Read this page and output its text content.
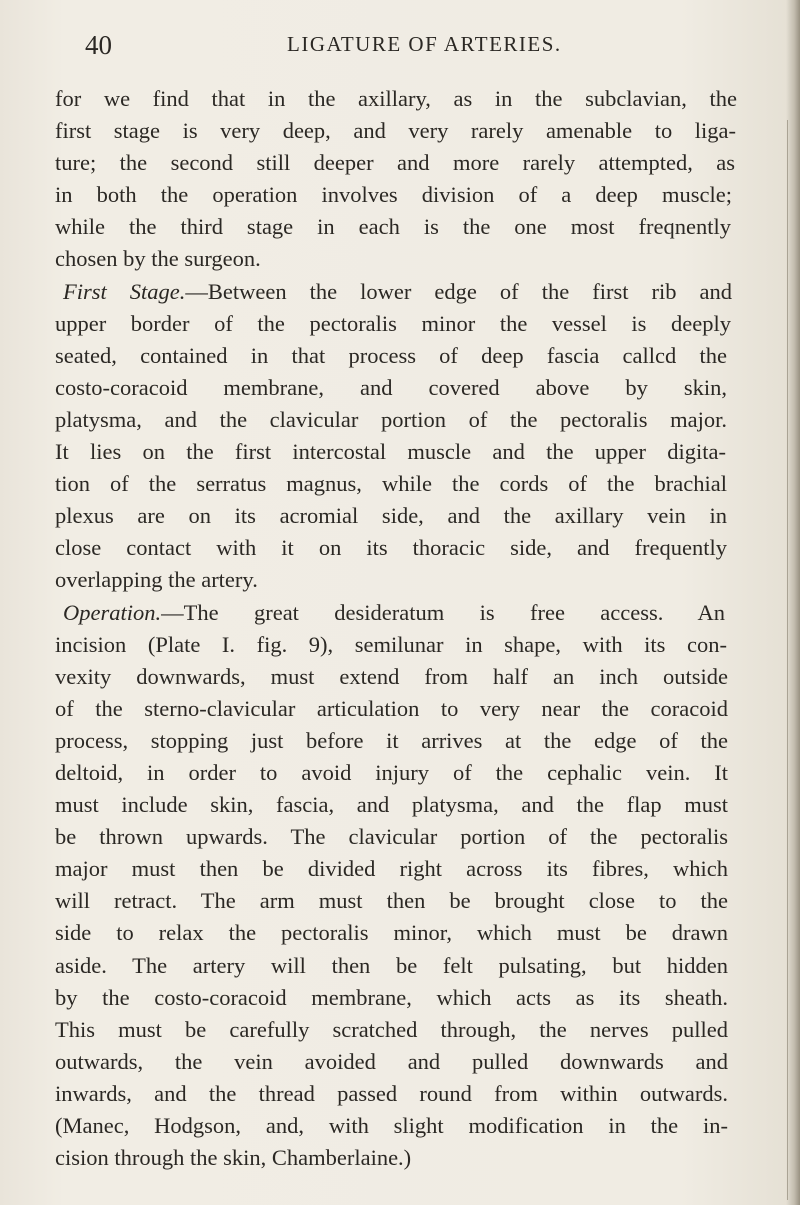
40	LIGATURE OF ARTERIES.
for we find that in the axillary, as in the subclavian, the
first stage is very deep, and very rarely amenable to liga-
ture; the second still deeper and more rarely attempted, as
in both the operation involves division of a deep muscle;
while the third stage in each is the one most freqnently
chosen by the surgeon.
First Stage.—Between the lower edge of the first rib and
upper border of the pectoralis minor the vessel is deeply
seated, contained in that process of deep fascia callcd the
costo-coracoid membrane, and covered above by skin,
platysma, and the clavicular portion of the pectoralis major.
It lies on the first intercostal muscle and the upper digita-
tion of the serratus magnus, while the cords of the brachial
plexus are on its acromial side, and the axillary vein in
close contact with it on its thoracic side, and frequently
overlapping the artery.
Operation.—The great desideratum is free access. An
incision (Plate I. fig. 9), semilunar in shape, with its con-
vexity downwards, must extend from half an inch outside
of the sterno-clavicular articulation to very near the coracoid
process, stopping just before it arrives at the edge of the
deltoid, in order to avoid injury of the cephalic vein. It
must include skin, fascia, and platysma, and the flap must
be thrown upwards. The clavicular portion of the pectoralis
major must then be divided right across its fibres, which
will retract. The arm must then be brought close to the
side to relax the pectoralis minor, which must be drawn
aside. The artery will then be felt pulsating, but hidden
by the costo-coracoid membrane, which acts as its sheath.
This must be carefully scratched through, the nerves pulled
outwards, the vein avoided and pulled downwards and
inwards, and the thread passed round from within outwards.
(Manec, Hodgson, and, with slight modification in the in-
cision through the skin, Chamberlaine.)
